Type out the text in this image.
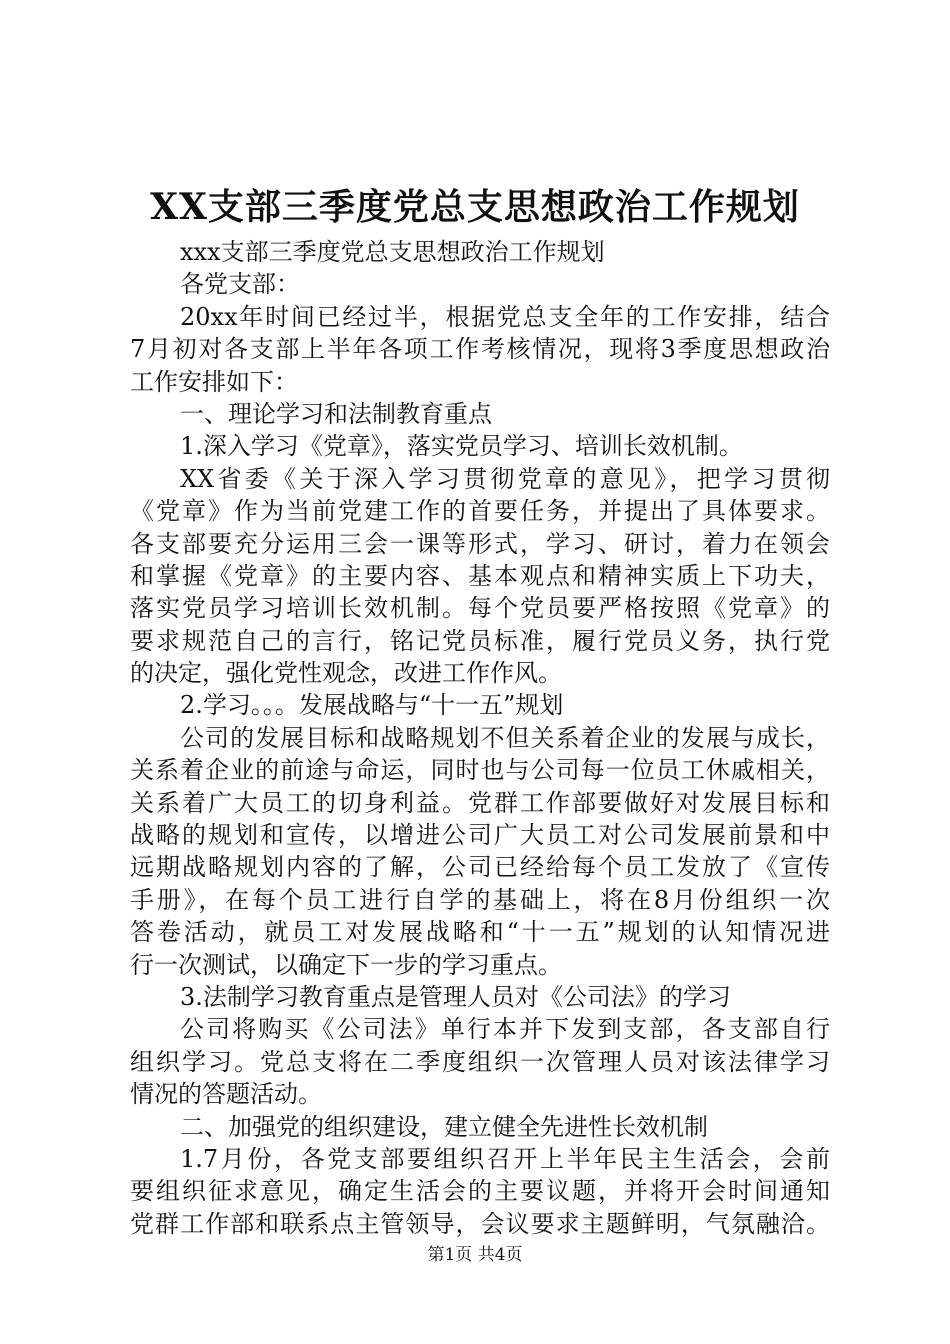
XX支部三季度党总支思想政治工作规划
xxx支部三季度党总支思想政治工作规划
各党支部：
20xx年时间已经过半，根据党总支全年的工作安排，结合
7月初对各支部上半年各项工作考核情况，现将3季度思想政治
工作安排如下：
一、理论学习和法制教育重点
1.深入学习《党章》，落实党员学习、培训长效机制。
XX省委《关于深入学习贯彻党章的意见》，把学习贯彻
《党章》作为当前党建工作的首要任务，并提出了具体要求。
各支部要充分运用三会一课等形式，学习、研讨，着力在领会
和掌握《党章》的主要内容、基本观点和精神实质上下功夫，
落实党员学习培训长效机制。每个党员要严格按照《党章》的
要求规范自己的言行，铭记党员标准，履行党员义务，执行党
的决定，强化党性观念，改进工作作风。
2.学习。。。发展战略与“十一五”规划
公司的发展目标和战略规划不但关系着企业的发展与成长，
关系着企业的前途与命运，同时也与公司每一位员工休戚相关，
关系着广大员工的切身利益。党群工作部要做好对发展目标和
战略的规划和宣传，以增进公司广大员工对公司发展前景和中
远期战略规划内容的了解，公司已经给每个员工发放了《宣传
手册》，在每个员工进行自学的基础上，将在8月份组织一次
答卷活动，就员工对发展战略和“十一五”规划的认知情况进
行一次测试，以确定下一步的学习重点。
3.法制学习教育重点是管理人员对《公司法》的学习
公司将购买《公司法》单行本并下发到支部，各支部自行
组织学习。党总支将在二季度组织一次管理人员对该法律学习
情况的答题活动。
二、加强党的组织建设，建立健全先进性长效机制
1.7月份，各党支部要组织召开上半年民主生活会，会前
要组织征求意见，确定生活会的主要议题，并将开会时间通知
党群工作部和联系点主管领导，会议要求主题鲜明，气氛融洽。
第1页 共4页
